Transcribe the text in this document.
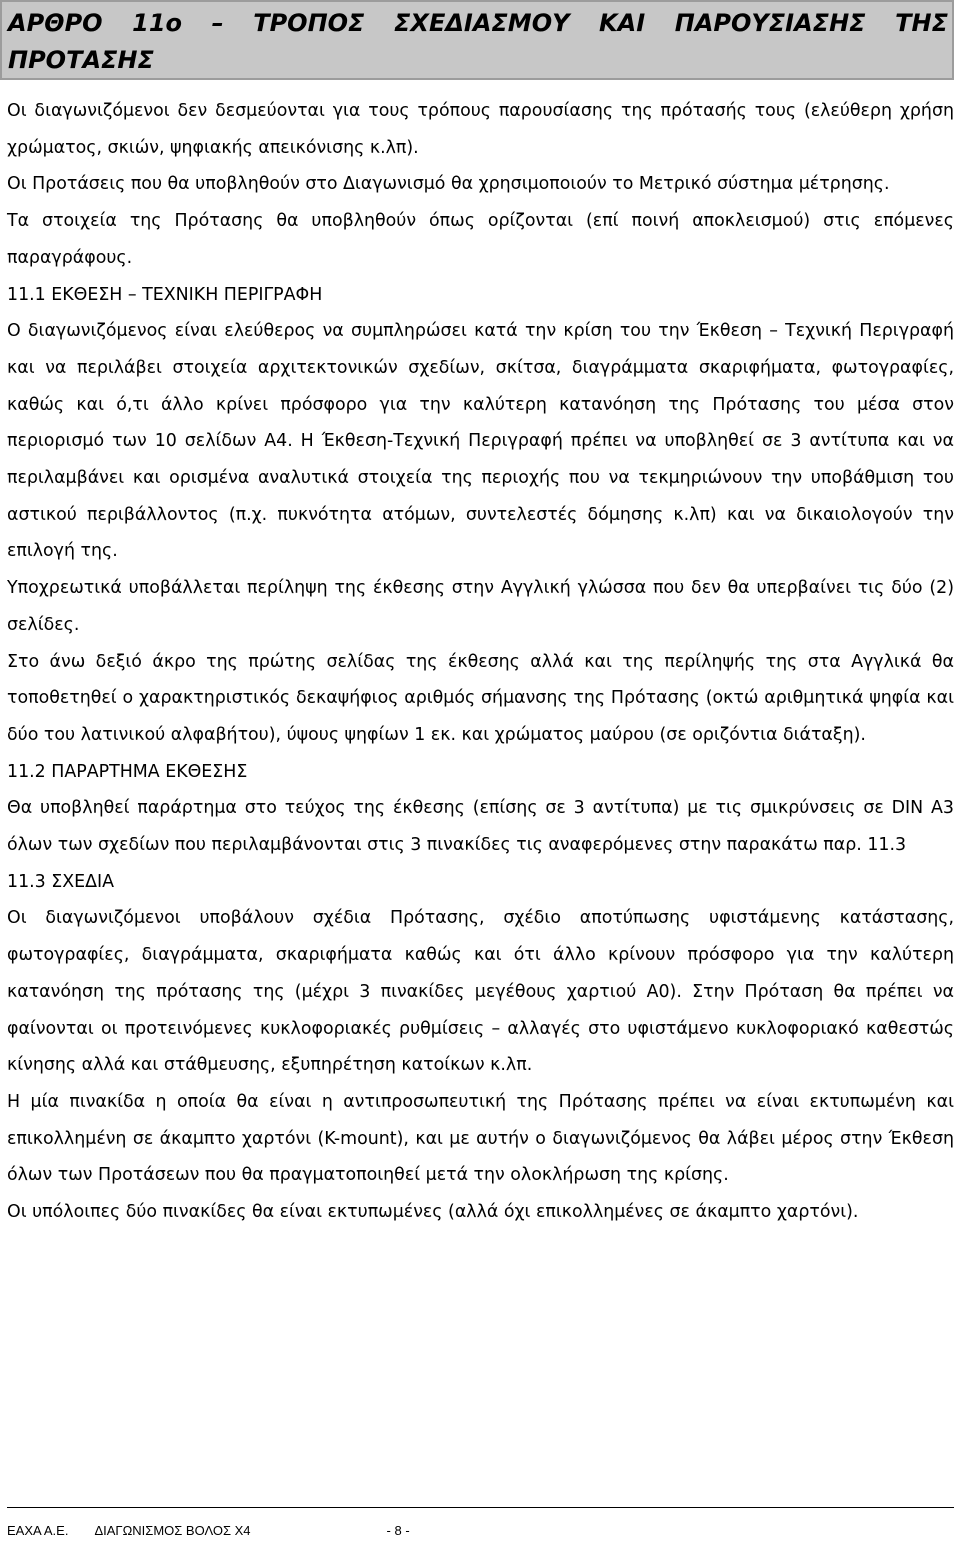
ΑΡΘΡΟ 11ο – ΤΡΟΠΟΣ ΣΧΕΔΙΑΣΜΟΥ ΚΑΙ ΠΑΡΟΥΣΙΑΣΗΣ ΤΗΣ ΠΡΟΤΑΣΗΣ

Οι διαγωνιζόμενοι δεν δεσμεύονται για τους τρόπους παρουσίασης της πρότασής τους (ελεύθερη χρήση χρώματος, σκιών, ψηφιακής απεικόνισης κ.λπ).

Οι Προτάσεις που θα υποβληθούν στο Διαγωνισμό θα χρησιμοποιούν το Μετρικό σύστημα μέτρησης.

Τα στοιχεία της Πρότασης θα υποβληθούν όπως ορίζονται (επί ποινή αποκλεισμού) στις επόμενες παραγράφους.

11.1 ΕΚΘΕΣΗ – ΤΕΧΝΙΚΗ ΠΕΡΙΓΡΑΦΗ

Ο διαγωνιζόμενος είναι ελεύθερος να συμπληρώσει κατά την κρίση του την Έκθεση – Τεχνική Περιγραφή και να περιλάβει στοιχεία αρχιτεκτονικών σχεδίων, σκίτσα, διαγράμματα σκαριφήματα, φωτογραφίες, καθώς και ό,τι άλλο κρίνει πρόσφορο για την καλύτερη κατανόηση της Πρότασης του μέσα στον περιορισμό των 10 σελίδων Α4. Η Έκθεση-Τεχνική Περιγραφή πρέπει να υποβληθεί σε 3 αντίτυπα και να περιλαμβάνει και ορισμένα αναλυτικά στοιχεία της περιοχής που να τεκμηριώνουν την υποβάθμιση του αστικού περιβάλλοντος (π.χ. πυκνότητα ατόμων, συντελεστές δόμησης κ.λπ) και να δικαιολογούν την επιλογή της.

Υποχρεωτικά υποβάλλεται περίληψη της έκθεσης στην Αγγλική γλώσσα που δεν θα υπερβαίνει τις δύο (2) σελίδες.

Στο άνω δεξιό άκρο της πρώτης σελίδας της έκθεσης αλλά και της περίληψής της στα Αγγλικά θα τοποθετηθεί ο χαρακτηριστικός δεκαψήφιος αριθμός σήμανσης της Πρότασης (οκτώ αριθμητικά ψηφία και δύο του λατινικού αλφαβήτου), ύψους ψηφίων 1 εκ. και χρώματος μαύρου (σε οριζόντια διάταξη).

11.2 ΠΑΡΑΡΤΗΜΑ ΕΚΘΕΣΗΣ

Θα υποβληθεί παράρτημα στο τεύχος της έκθεσης (επίσης σε 3 αντίτυπα) με τις σμικρύνσεις σε DIN A3 όλων των σχεδίων που περιλαμβάνονται στις 3 πινακίδες τις αναφερόμενες στην παρακάτω παρ. 11.3

11.3 ΣΧΕΔΙΑ

Οι διαγωνιζόμενοι υποβάλουν σχέδια Πρότασης, σχέδιο αποτύπωσης υφιστάμενης κατάστασης, φωτογραφίες, διαγράμματα, σκαριφήματα καθώς και ότι άλλο κρίνουν πρόσφορο για την καλύτερη κατανόηση της πρότασης της (μέχρι 3 πινακίδες μεγέθους χαρτιού Α0). Στην Πρόταση θα πρέπει να φαίνονται οι προτεινόμενες κυκλοφοριακές ρυθμίσεις – αλλαγές στο υφιστάμενο κυκλοφοριακό καθεστώς κίνησης αλλά και στάθμευσης, εξυπηρέτηση κατοίκων κ.λπ.

Η μία πινακίδα η οποία θα είναι η αντιπροσωπευτική της Πρότασης πρέπει να είναι εκτυπωμένη και επικολλημένη σε άκαμπτο χαρτόνι (K-mount), και με αυτήν ο διαγωνιζόμενος θα λάβει μέρος στην Έκθεση όλων των Προτάσεων που θα πραγματοποιηθεί μετά την ολοκλήρωση της κρίσης.

Οι υπόλοιπες δύο πινακίδες θα είναι εκτυπωμένες (αλλά όχι επικολλημένες σε άκαμπτο χαρτόνι).

ΕΑΧΑ Α.Ε. ΔΙΑΓΩΝΙΣΜΟΣ ΒΟΛΟΣ Χ4	- 8 -
